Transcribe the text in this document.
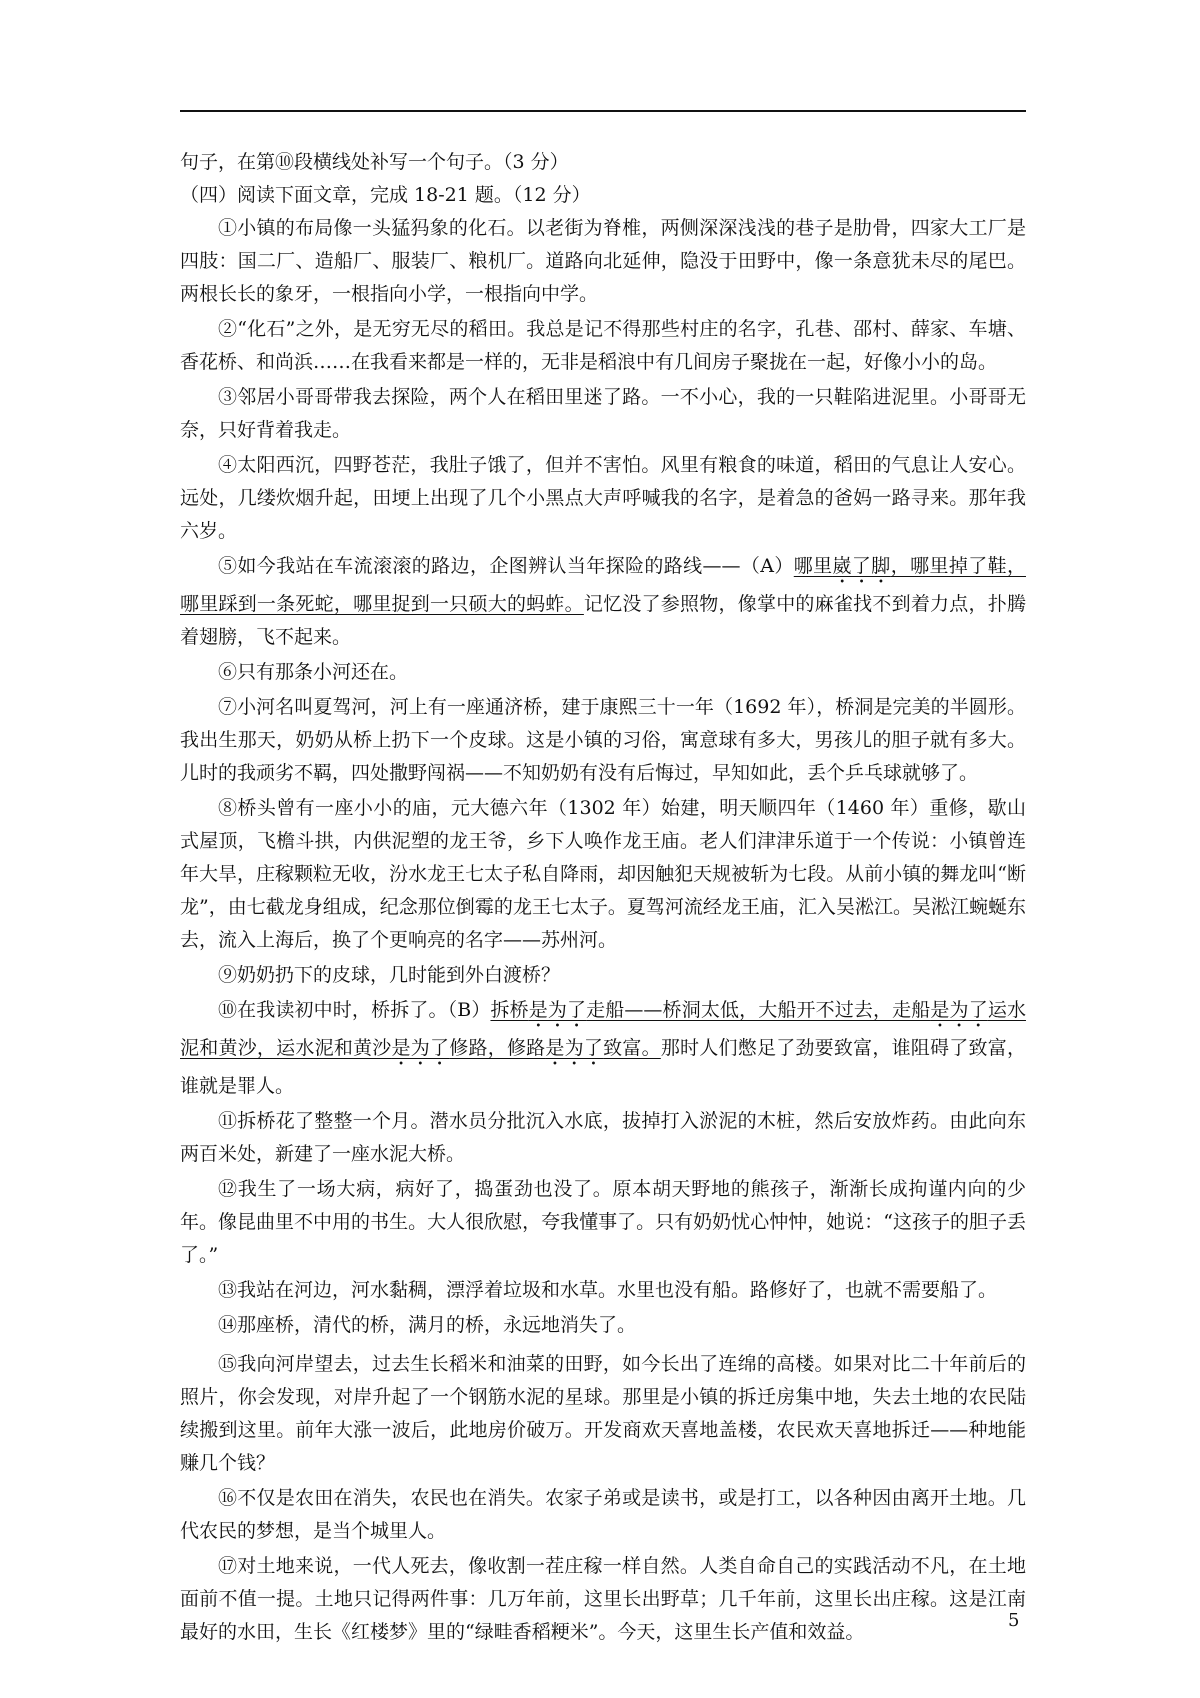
句子，在第⑩段横线处补写一个句子。（3 分）
（四）阅读下面文章，完成 18-21 题。（12 分）

①小镇的布局像一头猛犸象的化石。以老街为脊椎，两侧深深浅浅的巷子是肋骨，四家大工厂是四肢：国二厂、造船厂、服装厂、粮机厂。道路向北延伸，隐没于田野中，像一条意犹未尽的尾巴。两根长长的象牙，一根指向小学，一根指向中学。

②“化石”之外，是无穷无尽的稻田。我总是记不得那些村庄的名字，孔巷、邵村、薛家、车塘、香花桥、和尚浜……在我看来都是一样的，无非是稻浪中有几间房子聚拢在一起，好像小小的岛。

③邻居小哥哥带我去探险，两个人在稻田里迷了路。一不小心，我的一只鞋陷进泥里。小哥哥无奈，只好背着我走。

④太阳西沉，四野苍茫，我肚子饿了，但并不害怕。风里有粮食的味道，稻田的气息让人安心。远处，几缕炊烟升起，田埂上出现了几个小黑点大声呼喊我的名字，是着急的爸妈一路寻来。那年我六岁。

⑤如今我站在车流滚滚的路边，企图辨认当年探险的路线——（A）哪里崴了脚，哪里掉了鞋，哪里踩到一条死蛇，哪里捉到一只硕大的蚂蚱。记忆没了参照物，像掌中的麻雀找不到着力点，扑腾着翅膀，飞不起来。

⑥只有那条小河还在。

⑦小河名叫夏驾河，河上有一座通济桥，建于康熙三十一年（1692 年），桥洞是完美的半圆形。我出生那天，奶奶从桥上扔下一个皮球。这是小镇的习俗，寓意球有多大，男孩儿的胆子就有多大。儿时的我顽劣不羁，四处撒野闯祸——不知奶奶有没有后悔过，早知如此，丢个乒乓球就够了。

⑧桥头曾有一座小小的庙，元大德六年（1302 年）始建，明天顺四年（1460 年）重修，歇山式屋顶，飞檐斗拱，内供泥塑的龙王爷，乡下人唤作龙王庙。老人们津津乐道于一个传说：小镇曾连年大旱，庄稼颗粒无收，汾水龙王七太子私自降雨，却因触犯天规被斩为七段。从前小镇的舞龙叫“断龙”，由七截龙身组成，纪念那位倒霉的龙王七太子。夏驾河流经龙王庙，汇入吴淞江。吴淞江蜿蜒东去，流入上海后，换了个更响亮的名字——苏州河。

⑨奶奶扔下的皮球，几时能到外白渡桥？

⑩在我读初中时，桥拆了。（B）拆桥是为了走船——桥洞太低，大船开不过去，走船是为了运水泥和黄沙，运水泥和黄沙是为了修路，修路是为了致富。那时人们憋足了劲要致富，谁阻碍了致富，谁就是罪人。

⑪拆桥花了整整一个月。潜水员分批沉入水底，拔掉打入淤泥的木桩，然后安放炸药。由此向东两百米处，新建了一座水泥大桥。

⑫我生了一场大病，病好了，捣蛋劲也没了。原本胡天野地的熊孩子，渐渐长成拘谨内向的少年。像昆曲里不中用的书生。大人很欣慰，夸我懂事了。只有奶奶忧心忡忡，她说：“这孩子的胆子丢了。”

⑬我站在河边，河水黏稠，漂浮着垃圾和水草。水里也没有船。路修好了，也就不需要船了。

⑭那座桥，清代的桥，满月的桥，永远地消失了。

⑮我向河岸望去，过去生长稻米和油菜的田野，如今长出了连绵的高楼。如果对比二十年前后的照片，你会发现，对岸升起了一个钢筋水泥的星球。那里是小镇的拆迁房集中地，失去土地的农民陆续搬到这里。前年大涨一波后，此地房价破万。开发商欢天喜地盖楼，农民欢天喜地拆迁——种地能赚几个钱？

⑯不仅是农田在消失，农民也在消失。农家子弟或是读书，或是打工，以各种因由离开土地。几代农民的梦想，是当个城里人。

⑰对土地来说，一代人死去，像收割一茬庄稼一样自然。人类自命自己的实践活动不凡，在土地面前不值一提。土地只记得两件事：几万年前，这里长出野草；几千年前，这里长出庄稼。这是江南最好的水田，生长《红楼梦》里的“绿畦香稻粳米”。今天，这里生长产值和效益。

5
